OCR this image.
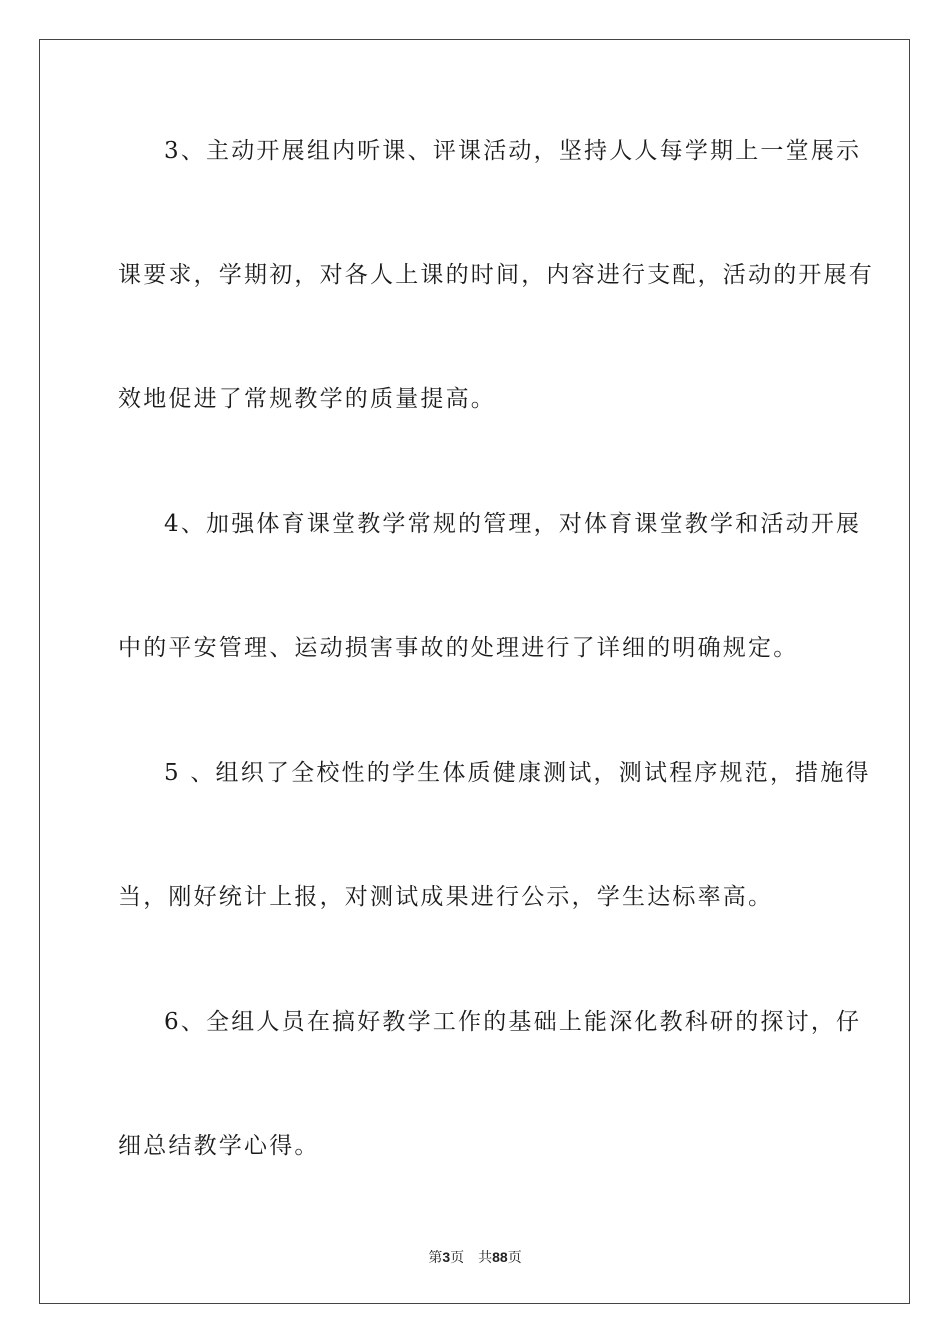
3、主动开展组内听课、评课活动，坚持人人每学期上一堂展示
课要求，学期初，对各人上课的时间，内容进行支配，活动的开展有
效地促进了常规教学的质量提高。
4、加强体育课堂教学常规的管理，对体育课堂教学和活动开展
中的平安管理、运动损害事故的处理进行了详细的明确规定。
5 、组织了全校性的学生体质健康测试，测试程序规范，措施得
当，刚好统计上报，对测试成果进行公示，学生达标率高。
6、全组人员在搞好教学工作的基础上能深化教科研的探讨，仔
细总结教学心得。
第3页 共88页
